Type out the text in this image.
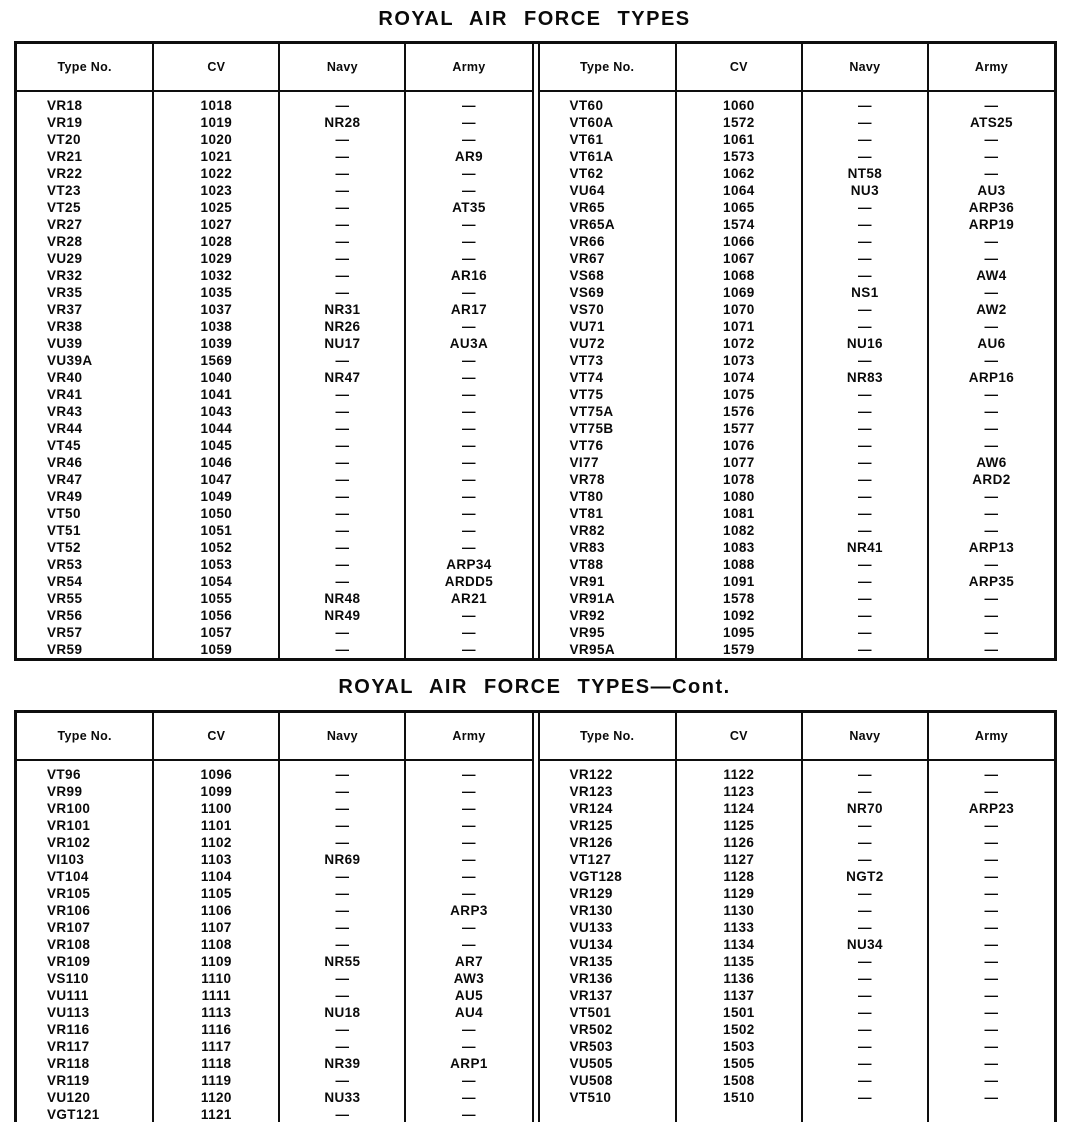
ROYAL AIR FORCE TYPES
Type No.	CV	Navy	Army
VR18	1018	—	—
VR19	1019	NR28	—
VT20	1020	—	—
VR21	1021	—	AR9
VR22	1022	—	—
VT23	1023	—	—
VT25	1025	—	AT35
VR27	1027	—	—
VR28	1028	—	—
VU29	1029	—	—
VR32	1032	—	AR16
VR35	1035	—	—
VR37	1037	NR31	AR17
VR38	1038	NR26	—
VU39	1039	NU17	AU3A
VU39A	1569	—	—
VR40	1040	NR47	—
VR41	1041	—	—
VR43	1043	—	—
VR44	1044	—	—
VT45	1045	—	—
VR46	1046	—	—
VR47	1047	—	—
VR49	1049	—	—
VT50	1050	—	—
VT51	1051	—	—
VT52	1052	—	—
VR53	1053	—	ARP34
VR54	1054	—	ARDD5
VR55	1055	NR48	AR21
VR56	1056	NR49	—
VR57	1057	—	—
VR59	1059	—	—
Type No.	CV	Navy	Army
VT60	1060	—	—
VT60A	1572	—	ATS25
VT61	1061	—	—
VT61A	1573	—	—
VT62	1062	NT58	—
VU64	1064	NU3	AU3
VR65	1065	—	ARP36
VR65A	1574	—	ARP19
VR66	1066	—	—
VR67	1067	—	—
VS68	1068	—	AW4
VS69	1069	NS1	—
VS70	1070	—	AW2
VU71	1071	—	—
VU72	1072	NU16	AU6
VT73	1073	—	—
VT74	1074	NR83	ARP16
VT75	1075	—	—
VT75A	1576	—	—
VT75B	1577	—	—
VT76	1076	—	—
VI77	1077	—	AW6
VR78	1078	—	ARD2
VT80	1080	—	—
VT81	1081	—	—
VR82	1082	—	—
VR83	1083	NR41	ARP13
VT88	1088	—	—
VR91	1091	—	ARP35
VR91A	1578	—	—
VR92	1092	—	—
VR95	1095	—	—
VR95A	1579	—	—
ROYAL AIR FORCE TYPES—Cont.
Type No.	CV	Navy	Army
VT96	1096	—	—
VR99	1099	—	—
VR100	1100	—	—
VR101	1101	—	—
VR102	1102	—	—
VI103	1103	NR69	—
VT104	1104	—	—
VR105	1105	—	—
VR106	1106	—	ARP3
VR107	1107	—	—
VR108	1108	—	—
VR109	1109	NR55	AR7
VS110	1110	—	AW3
VU111	1111	—	AU5
VU113	1113	NU18	AU4
VR116	1116	—	—
VR117	1117	—	—
VR118	1118	NR39	ARP1
VR119	1119	—	—
VU120	1120	NU33	—
VGT121	1121	—	—
Type No.	CV	Navy	Army
VR122	1122	—	—
VR123	1123	—	—
VR124	1124	NR70	ARP23
VR125	1125	—	—
VR126	1126	—	—
VT127	1127	—	—
VGT128	1128	NGT2	—
VR129	1129	—	—
VR130	1130	—	—
VU133	1133	—	—
VU134	1134	NU34	—
VR135	1135	—	—
VR136	1136	—	—
VR137	1137	—	—
VT501	1501	—	—
VR502	1502	—	—
VR503	1503	—	—
VU505	1505	—	—
VU508	1508	—	—
VT510	1510	—	—
